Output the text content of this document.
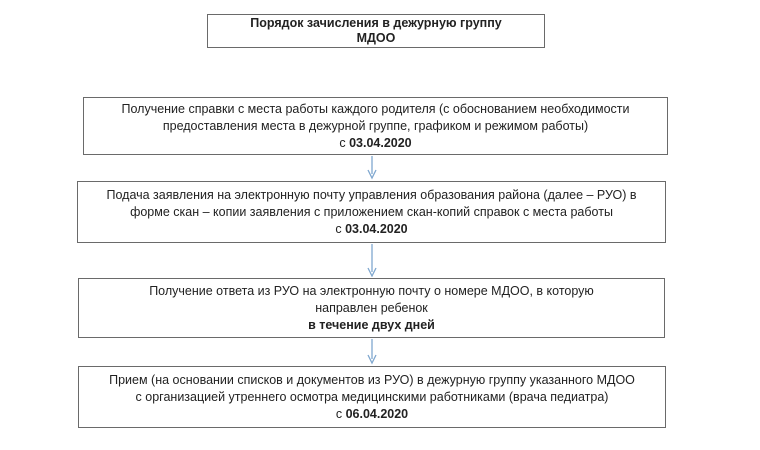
Порядок зачисления в дежурную группу
МДОО
Получение справки с места работы каждого родителя (с обоснованием необходимости
предоставления места в дежурной группе, графиком и режимом работы)
с 03.04.2020
Подача заявления на электронную почту управления образования района (далее – РУО) в
форме скан – копии заявления с приложением скан-копий справок с места работы
с 03.04.2020
Получение ответа из РУО на электронную почту о номере МДОО, в которую
направлен ребенок
в течение двух дней
Прием (на основании списков и документов из РУО) в дежурную группу указанного МДОО
с организацией утреннего осмотра медицинскими работниками (врача педиатра)
с 06.04.2020
